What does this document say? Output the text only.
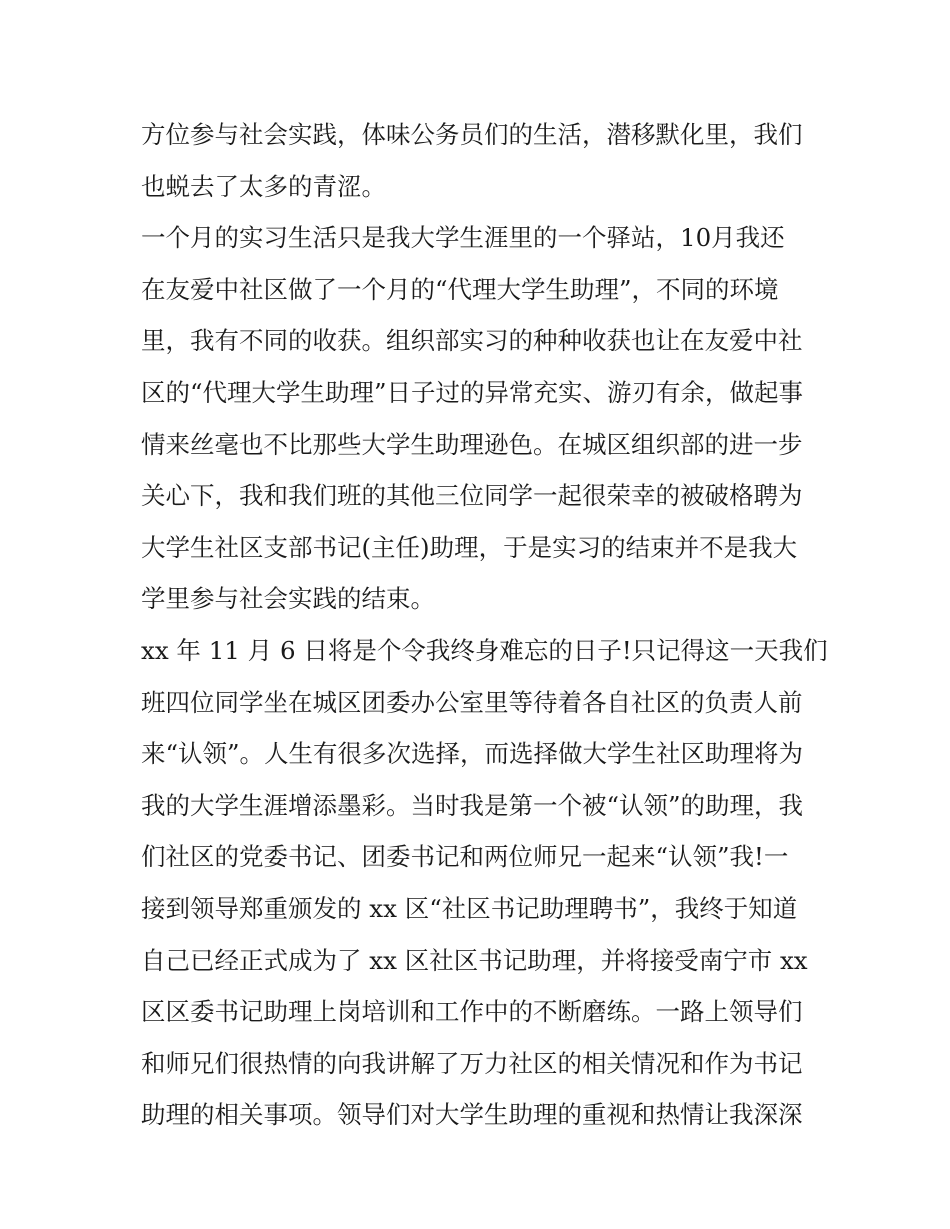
方位参与社会实践，体味公务员们的生活，潜移默化里，我们
也蜕去了太多的青涩。
一个月的实习生活只是我大学生涯里的一个驿站，10月我还
在友爱中社区做了一个月的“代理大学生助理”，不同的环境
里，我有不同的收获。组织部实习的种种收获也让在友爱中社
区的“代理大学生助理”日子过的异常充实、游刃有余，做起事
情来丝毫也不比那些大学生助理逊色。在城区组织部的进一步
关心下，我和我们班的其他三位同学一起很荣幸的被破格聘为
大学生社区支部书记(主任)助理，于是实习的结束并不是我大
学里参与社会实践的结束。
xx 年 11 月 6 日将是个令我终身难忘的日子!只记得这一天我们
班四位同学坐在城区团委办公室里等待着各自社区的负责人前
来“认领”。人生有很多次选择，而选择做大学生社区助理将为
我的大学生涯增添墨彩。当时我是第一个被“认领”的助理，我
们社区的党委书记、团委书记和两位师兄一起来“认领”我!一
接到领导郑重颁发的 xx 区“社区书记助理聘书”，我终于知道
自己已经正式成为了 xx 区社区书记助理，并将接受南宁市 xx
区区委书记助理上岗培训和工作中的不断磨练。一路上领导们
和师兄们很热情的向我讲解了万力社区的相关情况和作为书记
助理的相关事项。领导们对大学生助理的重视和热情让我深深
